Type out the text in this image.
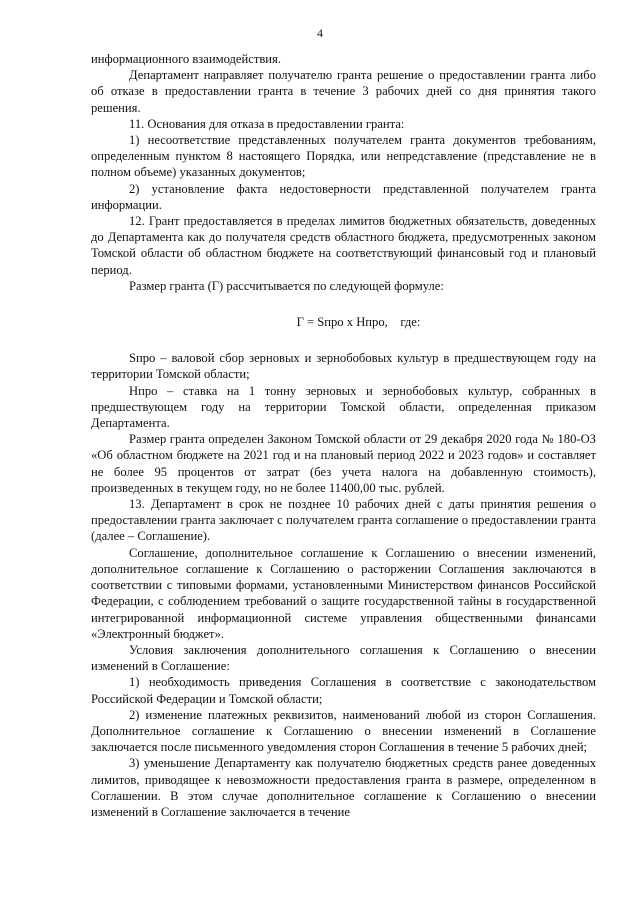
4

информационного взаимодействия.

Департамент направляет получателю гранта решение о предоставлении гранта либо об отказе в предоставлении гранта в течение 3 рабочих дней со дня принятия такого решения.

11. Основания для отказа в предоставлении гранта:

1) несоответствие представленных получателем гранта документов требованиям, определенным пунктом 8 настоящего Порядка, или непредставление (представление не в полном объеме) указанных документов;

2) установление факта недостоверности представленной получателем гранта информации.

12. Грант предоставляется в пределах лимитов бюджетных обязательств, доведенных до Департамента как до получателя средств областного бюджета, предусмотренных законом Томской области об областном бюджете на соответствующий финансовый год и плановый период.

Размер гранта (Г) рассчитывается по следующей формуле:

Г = Sпро х Нпро,    где:

Sпро – валовой сбор зерновых и зернобобовых культур в предшествующем году на территории Томской области;

Нпро – ставка на 1 тонну зерновых и зернобобовых культур, собранных в предшествующем году на территории Томской области, определенная приказом Департамента.

Размер гранта определен Законом Томской области от 29 декабря 2020 года № 180-ОЗ «Об областном бюджете на 2021 год и на плановый период 2022 и 2023 годов» и составляет не более 95 процентов от затрат (без учета налога на добавленную стоимость), произведенных в текущем году, но не более 11400,00 тыс. рублей.

13. Департамент в срок не позднее 10 рабочих дней с даты принятия решения о предоставлении гранта заключает с получателем гранта соглашение о предоставлении гранта (далее – Соглашение).

Соглашение, дополнительное соглашение к Соглашению о внесении изменений, дополнительное соглашение к Соглашению о расторжении Соглашения заключаются в соответствии с типовыми формами, установленными Министерством финансов Российской Федерации, с соблюдением требований о защите государственной тайны в государственной интегрированной информационной системе управления общественными финансами «Электронный бюджет».

Условия заключения дополнительного соглашения к Соглашению о внесении изменений в Соглашение:

1) необходимость приведения Соглашения в соответствие с законодательством Российской Федерации и Томской области;

2) изменение платежных реквизитов, наименований любой из сторон Соглашения. Дополнительное соглашение к Соглашению о внесении изменений в Соглашение заключается после письменного уведомления сторон Соглашения в течение 5 рабочих дней;

3) уменьшение Департаменту как получателю бюджетных средств ранее доведенных лимитов, приводящее к невозможности предоставления гранта в размере, определенном в Соглашении. В этом случае дополнительное соглашение к Соглашению о внесении изменений в Соглашение заключается в течение
